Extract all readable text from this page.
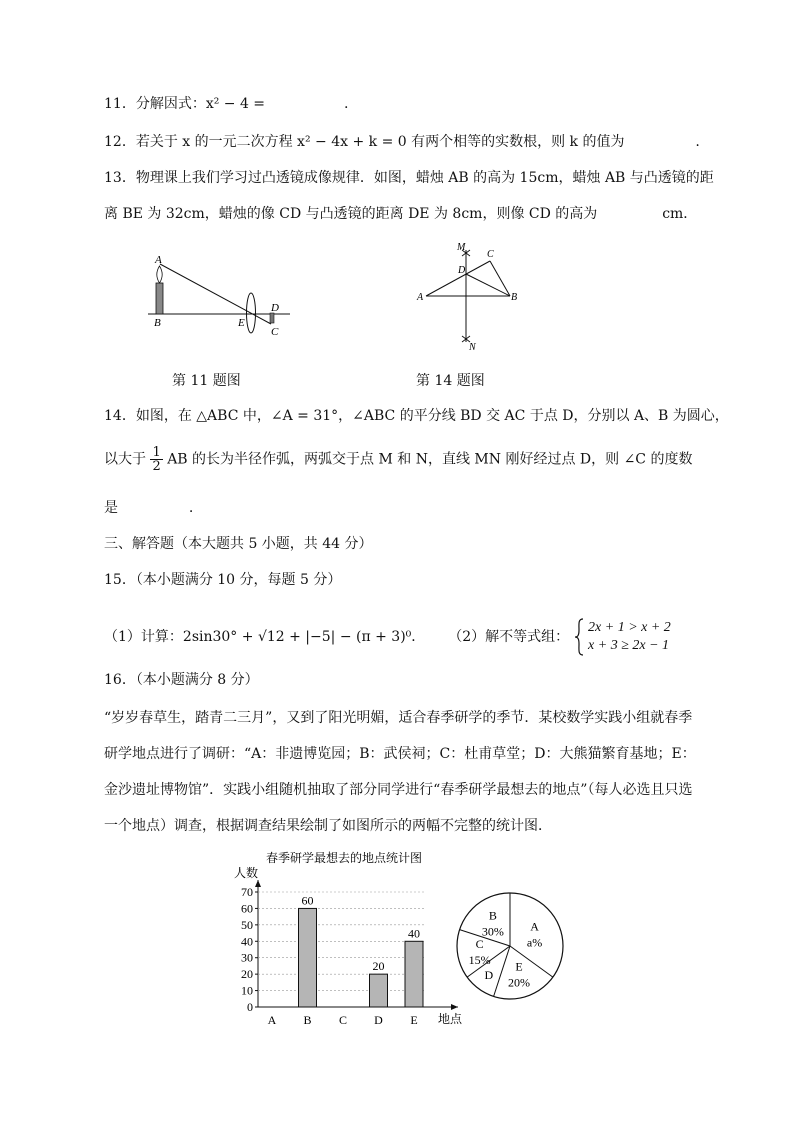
11．分解因式：x² − 4 =	.
12．若关于 x 的一元二次方程 x² − 4x + k = 0 有两个相等的实数根，则 k 的值为	.
13．物理课上我们学习过凸透镜成像规律．如图，蜡烛 AB 的高为 15cm，蜡烛 AB 与凸透镜的距
离 BE 为 32cm，蜡烛的像 CD 与凸透镜的距离 DE 为 8cm，则像 CD 的高为	cm．
A
B	E
D
C
第 11 题图
M
C
D
A	B
N
第 14 题图
14．如图，在 △ABC 中，∠A = 31°，∠ABC 的平分线 BD 交 AC 于点 D，分别以 A、B 为圆心，
以大于 $\frac{1}{2}$ AB 的长为半径作弧，两弧交于点 M 和 N，直线 MN 刚好经过点 D，则 ∠C 的度数
是	.
三、解答题（本大题共 5 小题，共 44 分）
15．（本小题满分 10 分，每题 5 分）
（1）计算：2sin30° + √12 + |−5| − (π + 3)⁰． （2）解不等式组：
2x + 1 > x + 2
x + 3 ≥ 2x − 1
16．（本小题满分 8 分）
“岁岁春草生，踏青二三月”，又到了阳光明媚，适合春季研学的季节．某校数学实践小组就春季
研学地点进行了调研：“A：非遗博览园；B：武侯祠；C：杜甫草堂；D：大熊猫繁育基地；E：
金沙遗址博物馆”．实践小组随机抽取了部分同学进行“春季研学最想去的地点”（每人必选且只选
一个地点）调查，根据调查结果绘制了如图所示的两幅不完整的统计图．
春季研学最想去的地点统计图
人数
地点
0
10
20
30
40
50
60
70
A
60
B C
20
D
40
E
A
a%
B
30%
C
15%
D
E
20%
